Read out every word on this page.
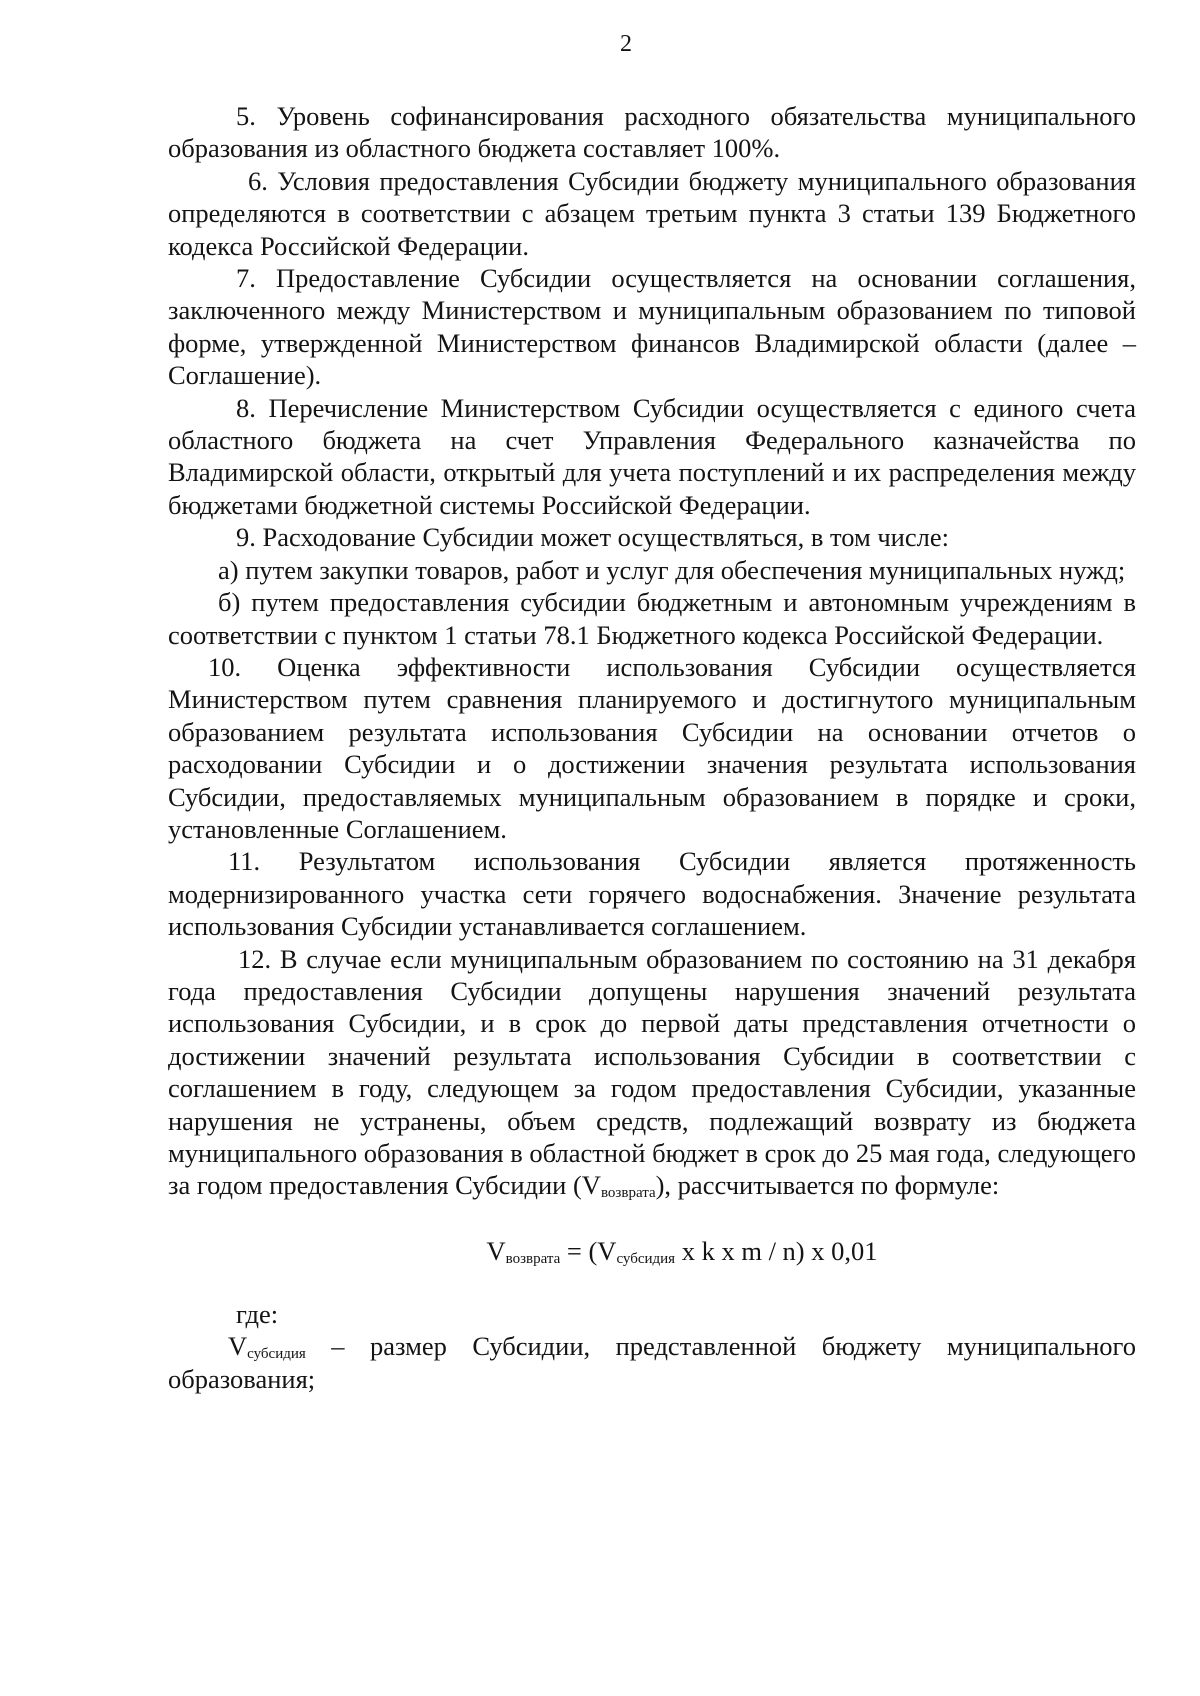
2

5. Уровень софинансирования расходного обязательства муниципального образования из областного бюджета составляет 100%.

6. Условия предоставления Субсидии бюджету муниципального образования определяются в соответствии с абзацем третьим пункта 3 статьи 139 Бюджетного кодекса Российской Федерации.

7. Предоставление Субсидии осуществляется на основании соглашения, заключенного между Министерством и муниципальным образованием по типовой форме, утвержденной Министерством финансов Владимирской области (далее – Соглашение).

8. Перечисление Министерством Субсидии осуществляется с единого счета областного бюджета на счет Управления Федерального казначейства по Владимирской области, открытый для учета поступлений и их распределения между бюджетами бюджетной системы Российской Федерации.

9. Расходование Субсидии может осуществляться, в том числе:

а) путем закупки товаров, работ и услуг для обеспечения муниципальных нужд;

б) путем предоставления субсидии бюджетным и автономным учреждениям в соответствии с пунктом 1 статьи 78.1 Бюджетного кодекса Российской Федерации.

10. Оценка эффективности использования Субсидии осуществляется Министерством путем сравнения планируемого и достигнутого муниципальным образованием результата использования Субсидии на основании отчетов о расходовании Субсидии и о достижении значения результата использования Субсидии, предоставляемых муниципальным образованием в порядке и сроки, установленные Соглашением.

11. Результатом использования Субсидии является протяженность модернизированного участка сети горячего водоснабжения. Значение результата использования Субсидии устанавливается соглашением.

12. В случае если муниципальным образованием по состоянию на 31 декабря года предоставления Субсидии допущены нарушения значений результата использования Субсидии, и в срок до первой даты представления отчетности о достижении значений результата использования Субсидии в соответствии с соглашением в году, следующем за годом предоставления Субсидии, указанные нарушения не устранены, объем средств, подлежащий возврату из бюджета муниципального образования в областной бюджет в срок до 25 мая года, следующего за годом предоставления Субсидии $(V_{возврата})$, рассчитывается по формуле:

$V_{возврата} = (V_{субсидия}$ x k x m / n) x 0,01

где:

$V_{субсидия}$ – размер Субсидии, представленной бюджету муниципального образования;
